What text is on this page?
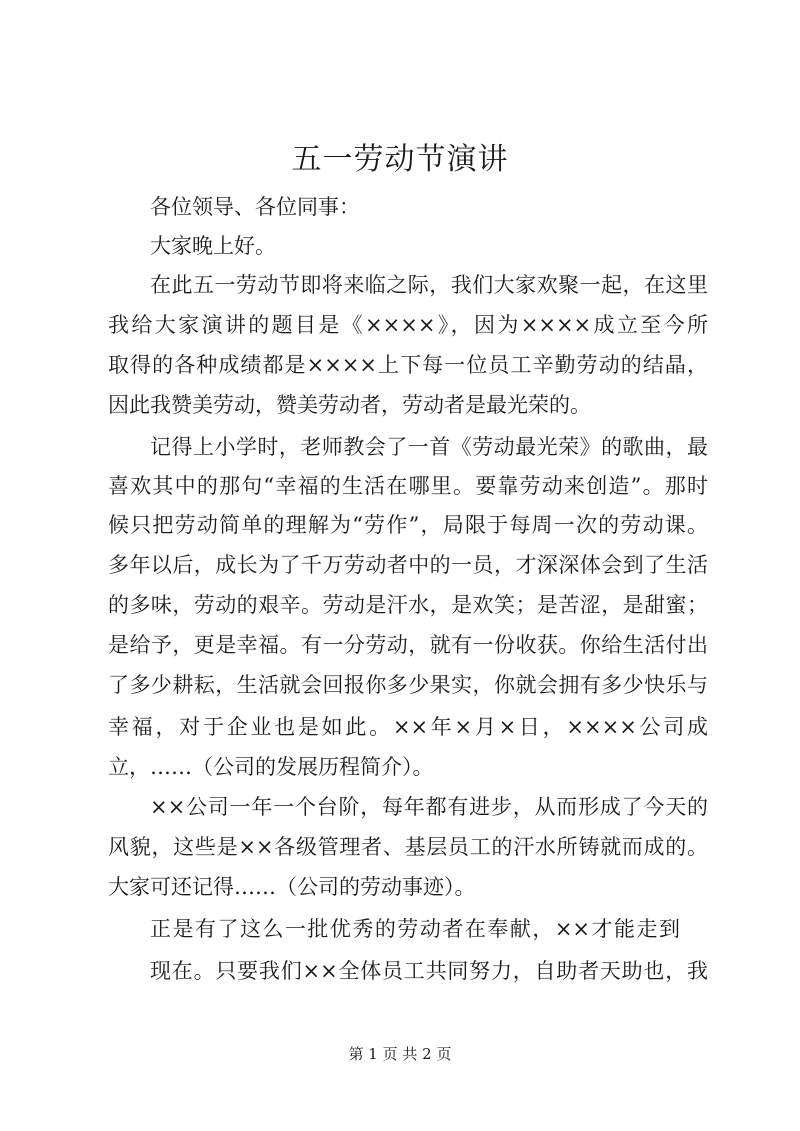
五一劳动节演讲
各位领导、各位同事：
大家晚上好。
在此五一劳动节即将来临之际，我们大家欢聚一起，在这里
我给大家演讲的题目是《××××》，因为××××成立至今所
取得的各种成绩都是××××上下每一位员工辛勤劳动的结晶，
因此我赞美劳动，赞美劳动者，劳动者是最光荣的。
记得上小学时，老师教会了一首《劳动最光荣》的歌曲，最
喜欢其中的那句“幸福的生活在哪里。要靠劳动来创造”。那时
候只把劳动简单的理解为“劳作”，局限于每周一次的劳动课。
多年以后，成长为了千万劳动者中的一员，才深深体会到了生活
的多味，劳动的艰辛。劳动是汗水，是欢笑；是苦涩，是甜蜜；
是给予，更是幸福。有一分劳动，就有一份收获。你给生活付出
了多少耕耘，生活就会回报你多少果实，你就会拥有多少快乐与
幸福，对于企业也是如此。××年×月×日，××××公司成
立，……（公司的发展历程简介）。
××公司一年一个台阶，每年都有进步，从而形成了今天的
风貌，这些是××各级管理者、基层员工的汗水所铸就而成的。
大家可还记得……（公司的劳动事迹）。
正是有了这么一批优秀的劳动者在奉献，××才能走到
现在。只要我们××全体员工共同努力，自助者天助也，我
第 1 页 共 2 页
